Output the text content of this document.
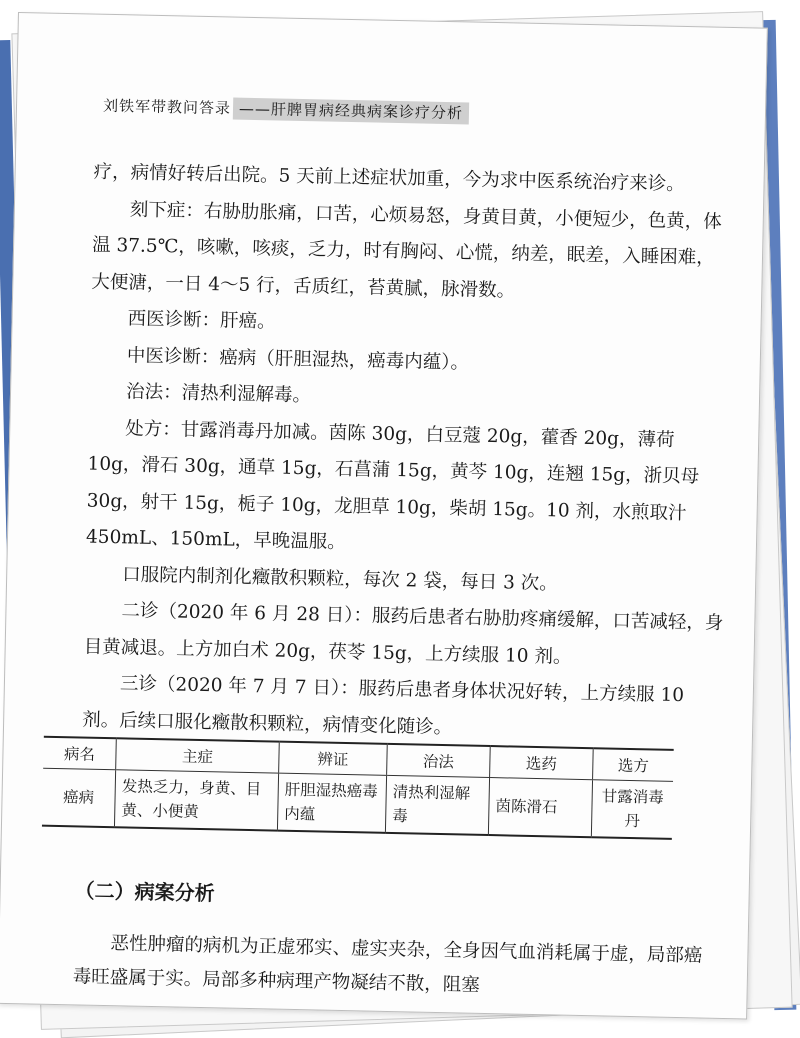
刘铁军带教问答录 ——肝脾胃病经典病案诊疗分析

疗，病情好转后出院。5 天前上述症状加重，今为求中医系统治疗来诊。

刻下症：右胁肋胀痛，口苦，心烦易怒，身黄目黄，小便短少，色黄，体温 37.5℃，咳嗽，咳痰，乏力，时有胸闷、心慌，纳差，眠差，入睡困难，大便溏，一日 4～5 行，舌质红，苔黄腻，脉滑数。

西医诊断：肝癌。

中医诊断：癌病（肝胆湿热，癌毒内蕴）。

治法：清热利湿解毒。

处方：甘露消毒丹加减。茵陈 30g，白豆蔻 20g，藿香 20g，薄荷 10g，滑石 30g，通草 15g，石菖蒲 15g，黄芩 10g，连翘 15g，浙贝母 30g，射干 15g，栀子 10g，龙胆草 10g，柴胡 15g。10 剂，水煎取汁 450mL、150mL，早晚温服。

口服院内制剂化癥散积颗粒，每次 2 袋，每日 3 次。

二诊（2020 年 6 月 28 日）：服药后患者右胁肋疼痛缓解，口苦减轻，身目黄减退。上方加白术 20g，茯苓 15g，上方续服 10 剂。

三诊（2020 年 7 月 7 日）：服药后患者身体状况好转，上方续服 10 剂。后续口服化癥散积颗粒，病情变化随诊。

病名	主症	辨证	治法	选药	选方
癌病	发热乏力，身黄、目黄、小便黄	肝胆湿热癌毒内蕴	清热利湿解毒	茵陈滑石	甘露消毒丹
（二）病案分析

恶性肿瘤的病机为正虚邪实、虚实夹杂，全身因气血消耗属于虚，局部癌毒旺盛属于实。局部多种病理产物凝结不散，阻塞
